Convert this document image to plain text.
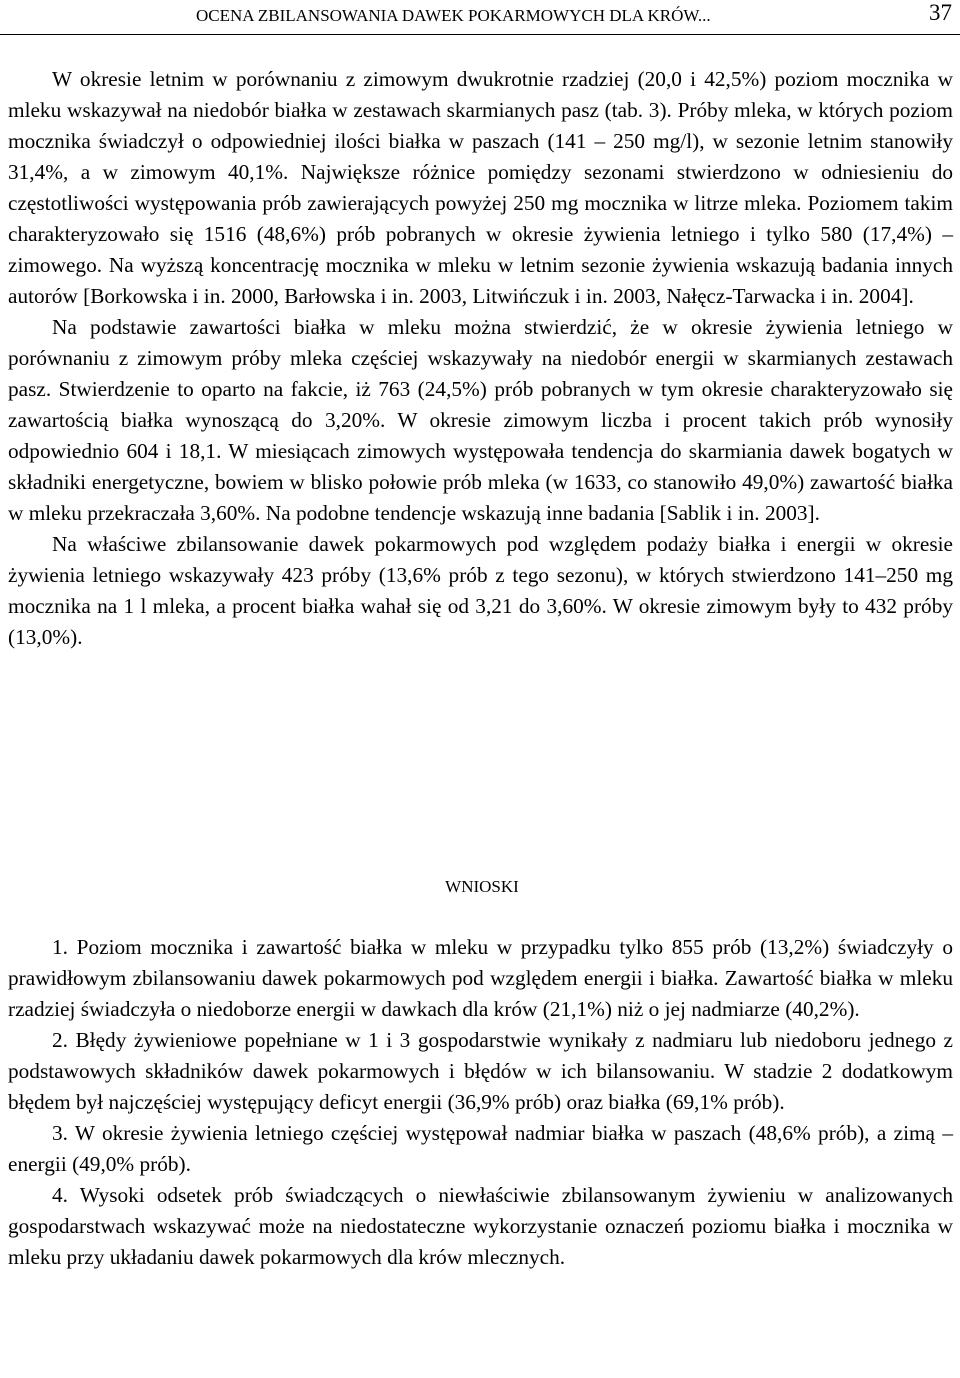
OCENA ZBILANSOWANIA DAWEK POKARMOWYCH DLA KRÓW...	37

W okresie letnim w porównaniu z zimowym dwukrotnie rzadziej (20,0 i 42,5%) poziom mocznika w mleku wskazywał na niedobór białka w zestawach skarmianych pasz (tab. 3). Próby mleka, w których poziom mocznika świadczył o odpowiedniej ilości białka w paszach (141 – 250 mg/l), w sezonie letnim stanowiły 31,4%, a w zimowym 40,1%. Największe różnice pomiędzy sezonami stwierdzono w odniesieniu do częstotliwości występowania prób zawierających powyżej 250 mg mocznika w litrze mleka. Poziomem takim charakteryzowało się 1516 (48,6%) prób pobranych w okresie żywienia letniego i tylko 580 (17,4%) – zimowego. Na wyższą koncentrację mocznika w mleku w letnim sezonie żywienia wskazują badania innych autorów [Borkowska i in. 2000, Barłowska i in. 2003, Litwińczuk i in. 2003, Nałęcz-Tarwacka i in. 2004].

Na podstawie zawartości białka w mleku można stwierdzić, że w okresie żywienia letniego w porównaniu z zimowym próby mleka częściej wskazywały na niedobór energii w skarmianych zestawach pasz. Stwierdzenie to oparto na fakcie, iż 763 (24,5%) prób pobranych w tym okresie charakteryzowało się zawartością białka wynoszącą do 3,20%. W okresie zimowym liczba i procent takich prób wynosiły odpowiednio 604 i 18,1. W miesiącach zimowych występowała tendencja do skarmiania dawek bogatych w składniki energetyczne, bowiem w blisko połowie prób mleka (w 1633, co stanowiło 49,0%) zawartość białka w mleku przekraczała 3,60%. Na podobne tendencje wskazują inne badania [Sablik i in. 2003].

Na właściwe zbilansowanie dawek pokarmowych pod względem podaży białka i energii w okresie żywienia letniego wskazywały 423 próby (13,6% prób z tego sezonu), w których stwierdzono 141–250 mg mocznika na 1 l mleka, a procent białka wahał się od 3,21 do 3,60%. W okresie zimowym były to 432 próby (13,0%).

WNIOSKI

1. Poziom mocznika i zawartość białka w mleku w przypadku tylko 855 prób (13,2%) świadczyły o prawidłowym zbilansowaniu dawek pokarmowych pod względem energii i białka. Zawartość białka w mleku rzadziej świadczyła o niedoborze energii w dawkach dla krów (21,1%) niż o jej nadmiarze (40,2%).

2. Błędy żywieniowe popełniane w 1 i 3 gospodarstwie wynikały z nadmiaru lub niedoboru jednego z podstawowych składników dawek pokarmowych i błędów w ich bilansowaniu. W stadzie 2 dodatkowym błędem był najczęściej występujący deficyt energii (36,9% prób) oraz białka (69,1% prób).

3. W okresie żywienia letniego częściej występował nadmiar białka w paszach (48,6% prób), a zimą – energii (49,0% prób).

4. Wysoki odsetek prób świadczących o niewłaściwie zbilansowanym żywieniu w analizowanych gospodarstwach wskazywać może na niedostateczne wykorzystanie oznaczeń poziomu białka i mocznika w mleku przy układaniu dawek pokarmowych dla krów mlecznych.
